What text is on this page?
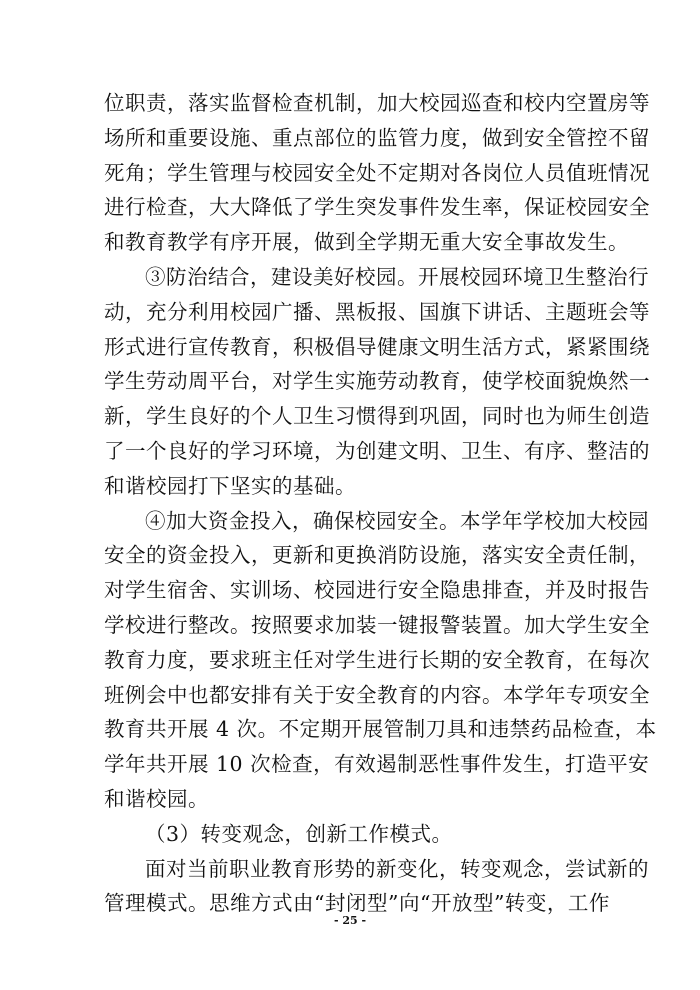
位职责，落实监督检查机制，加大校园巡查和校内空置房等
场所和重要设施、重点部位的监管力度，做到安全管控不留
死角；学生管理与校园安全处不定期对各岗位人员值班情况
进行检查，大大降低了学生突发事件发生率，保证校园安全
和教育教学有序开展，做到全学期无重大安全事故发生。
③防治结合，建设美好校园。开展校园环境卫生整治行
动，充分利用校园广播、黑板报、国旗下讲话、主题班会等
形式进行宣传教育，积极倡导健康文明生活方式，紧紧围绕
学生劳动周平台，对学生实施劳动教育，使学校面貌焕然一
新，学生良好的个人卫生习惯得到巩固，同时也为师生创造
了一个良好的学习环境，为创建文明、卫生、有序、整洁的
和谐校园打下坚实的基础。
④加大资金投入，确保校园安全。本学年学校加大校园
安全的资金投入，更新和更换消防设施，落实安全责任制，
对学生宿舍、实训场、校园进行安全隐患排查，并及时报告
学校进行整改。按照要求加装一键报警装置。加大学生安全
教育力度，要求班主任对学生进行长期的安全教育，在每次
班例会中也都安排有关于安全教育的内容。本学年专项安全
教育共开展 4 次。不定期开展管制刀具和违禁药品检查，本
学年共开展 10 次检查，有效遏制恶性事件发生，打造平安
和谐校园。
（3）转变观念，创新工作模式。
面对当前职业教育形势的新变化，转变观念，尝试新的
管理模式。思维方式由“封闭型”向“开放型”转变，工作
- 25 -
